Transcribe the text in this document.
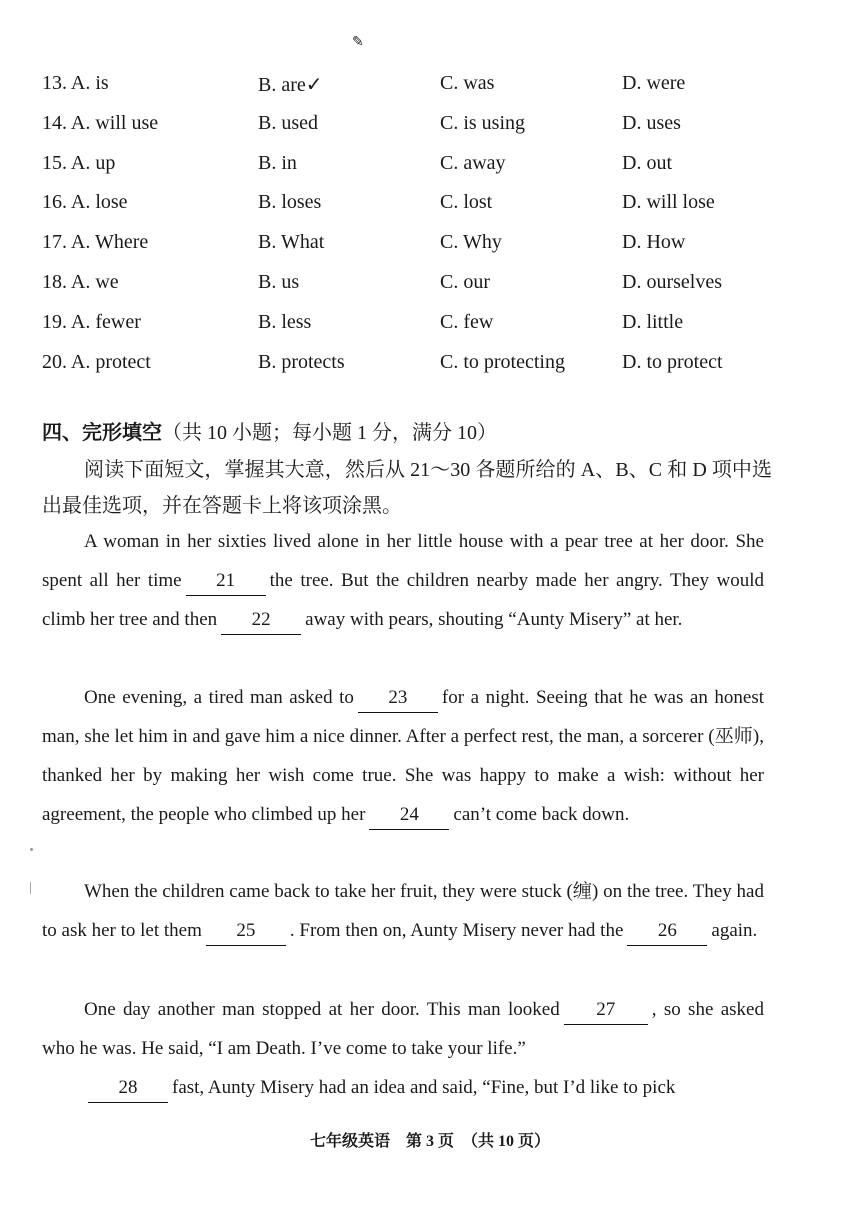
✎
13. A. is	B. are✓	C. was	D. were
14. A. will use	B. used	C. is using	D. uses
15. A. up	B. in	C. away	D. out
16. A. lose	B. loses	C. lost	D. will lose
17. A. Where	B. What	C. Why	D. How
18. A. we	B. us	C. our	D. ourselves
19. A. fewer	B. less	C. few	D. little
20. A. protect	B. protects	C. to protecting	D. to protect
四、完形填空（共 10 小题；每小题 1 分，满分 10）
阅读下面短文，掌握其大意，然后从 21～30 各题所给的 A、B、C 和 D 项中选出最佳选项，并在答题卡上将该项涂黑。

A woman in her sixties lived alone in her little house with a pear tree at her door. She spent all her time 21 the tree. But the children nearby made her angry. They would climb her tree and then 22 away with pears, shouting “Aunty Misery” at her.

One evening, a tired man asked to 23 for a night. Seeing that he was an honest man, she let him in and gave him a nice dinner. After a perfect rest, the man, a sorcerer (巫师), thanked her by making her wish come true. She was happy to make a wish: without her agreement, the people who climbed up her 24 can’t come back down.

When the children came back to take her fruit, they were stuck (缠) on the tree. They had to ask her to let them 25 . From then on, Aunty Misery never had the 26 again.

One day another man stopped at her door. This man looked 27 , so she asked who he was. He said, “I am Death. I’ve come to take your life.”

28 fast, Aunty Misery had an idea and said, “Fine, but I’d like to pick

七年级英语　第 3 页　（共 10 页）
